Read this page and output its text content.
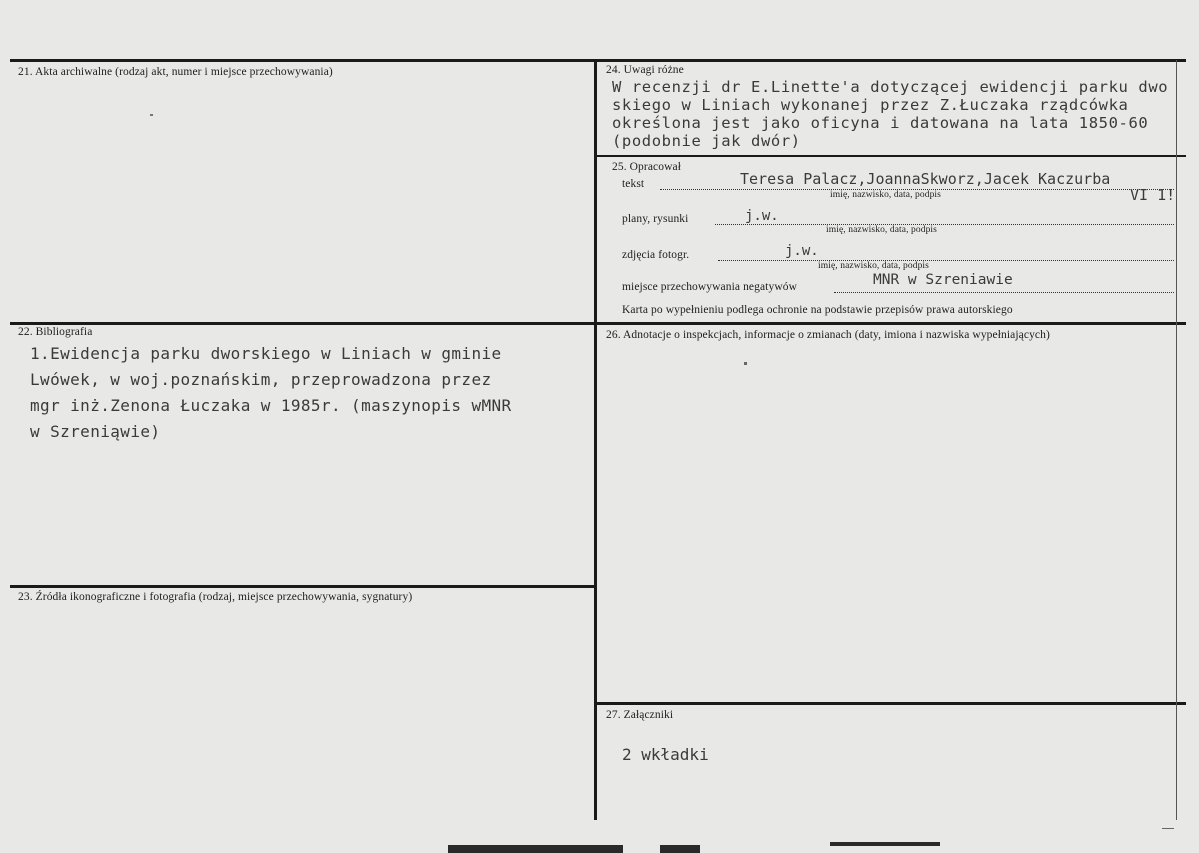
21. Akta archiwalne (rodzaj akt, numer i miejsce przechowywania)
22. Bibliografia
1.Ewidencja parku dworskiego w Liniach w gminie
Lwówek, w woj.poznańskim, przeprowadzona przez
mgr inż.Zenona Łuczaka w 1985r. (maszynopis wMNR
w Szreniąwie)
23. Źródła ikonograficzne i fotografia (rodzaj, miejsce przechowywania, sygnatury)
24. Uwagi różne
W recenzji dr E.Linette'a dotyczącej ewidencji parku dwo
skiego w Liniach wykonanej przez Z.Łuczaka rządcówka
określona jest jako oficyna i datowana na lata 1850-60
(podobnie jak dwór)
25. Opracował
tekst	Teresa Palacz,JoannaSkworz,Jacek Kaczurba
VI 1!
imię, nazwisko, data, podpis
plany, rysunki	j.w.
imię, nazwisko, data, podpis
zdjęcia fotogr.	j.w.
imię, nazwisko, data, podpis
miejsce przechowywania negatywów	MNR w Szreniawie
Karta po wypełnieniu podlega ochronie na podstawie przepisów prawa autorskiego
26. Adnotacje o inspekcjach, informacje o zmianach (daty, imiona i nazwiska wypełniających)
27. Załączniki
2 wkładki
